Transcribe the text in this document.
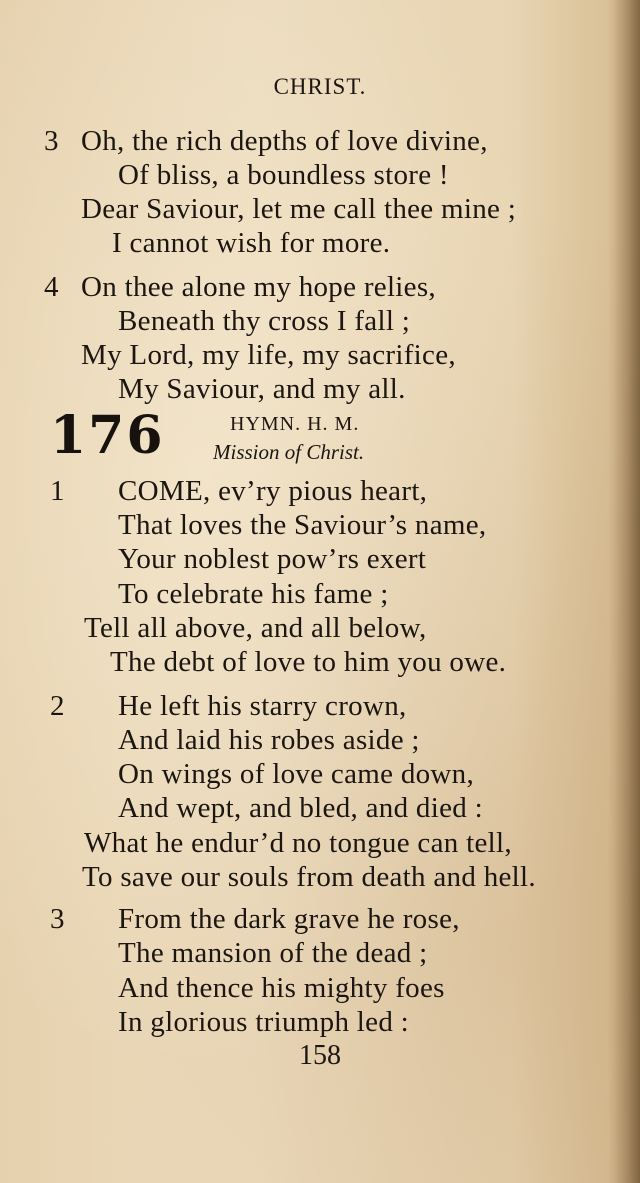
CHRIST.
3 Oh, the rich depths of love divine,
Of bliss, a boundless store !
Dear Saviour, let me call thee mine ;
I cannot wish for more.
4 On thee alone my hope relies,
Beneath thy cross I fall ;
My Lord, my life, my sacrifice,
My Saviour, and my all.
176	HYMN. H. M.
Mission of Christ.
1 COME, ev’ry pious heart,
That loves the Saviour’s name,
Your noblest pow’rs exert
To celebrate his fame ;
Tell all above, and all below,
The debt of love to him you owe.
2 He left his starry crown,
And laid his robes aside ;
On wings of love came down,
And wept, and bled, and died :
What he endur’d no tongue can tell,
To save our souls from death and hell.
3 From the dark grave he rose,
The mansion of the dead ;
And thence his mighty foes
In glorious triumph led :
158
